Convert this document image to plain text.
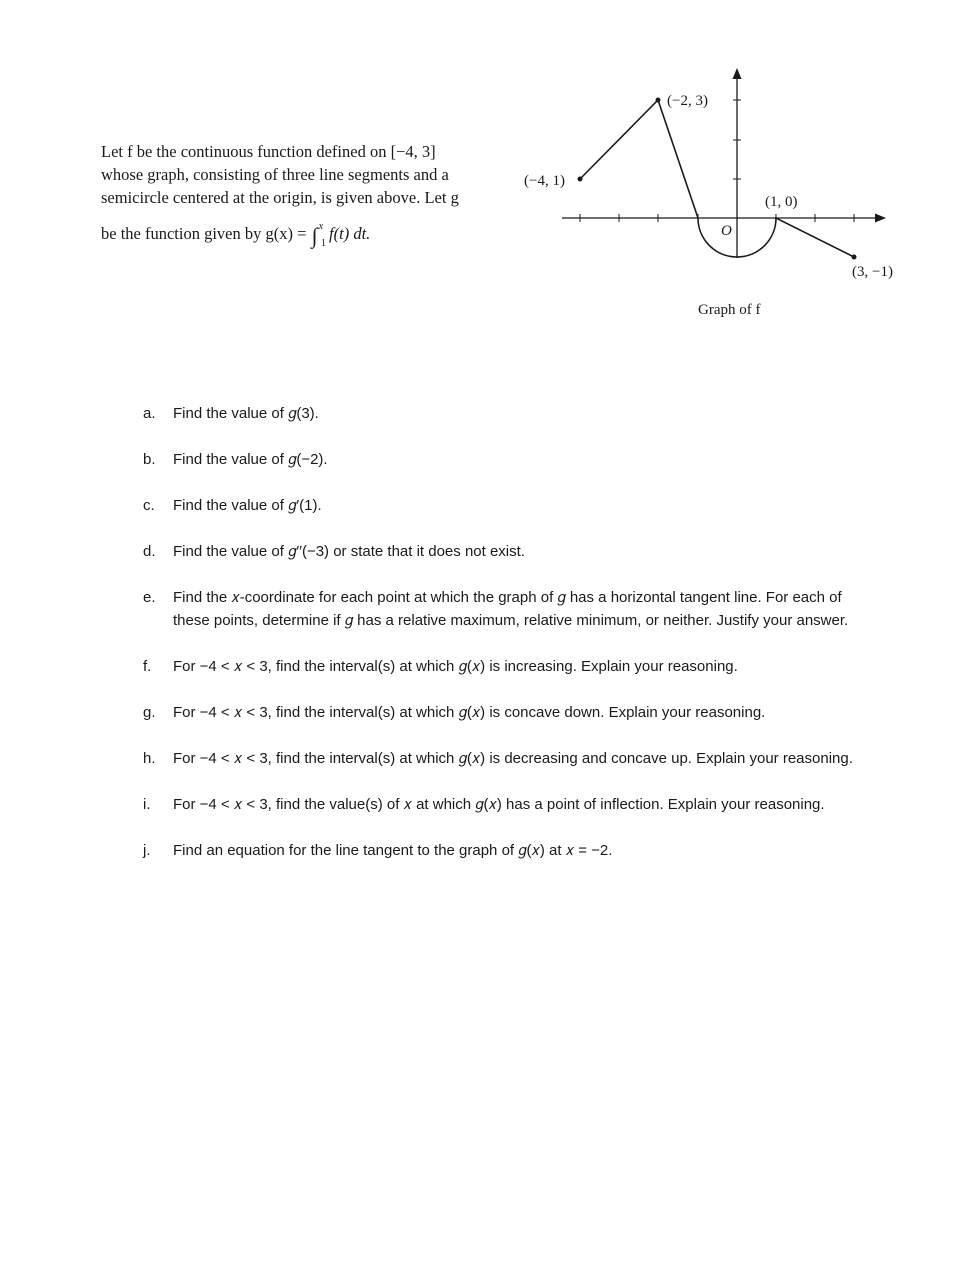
Let f be the continuous function defined on [−4, 3]
whose graph, consisting of three line segments and a
semicircle centered at the origin, is given above. Let g
be the function given by g(x) = ∫$^x_1$f(t) dt.
(−4, 1)
(−2, 3)
(1, 0)
(3, −1)
O
Graph of f
a.	Find the value of 𝑔(3).
b.	Find the value of 𝑔(−2).
c.	Find the value of 𝑔′(1).
d.	Find the value of 𝑔′′(−3) or state that it does not exist.
e.	Find the 𝑥-coordinate for each point at which the graph of 𝑔 has a horizontal tangent line. For each of these points, determine if 𝑔 has a relative maximum, relative minimum, or neither. Justify your answer.
f.	For −4 < 𝑥 < 3, find the interval(s) at which 𝑔(𝑥) is increasing. Explain your reasoning.
g.	For −4 < 𝑥 < 3, find the interval(s) at which 𝑔(𝑥) is concave down. Explain your reasoning.
h.	For −4 < 𝑥 < 3, find the interval(s) at which 𝑔(𝑥) is decreasing and concave up. Explain your reasoning.
i.	For −4 < 𝑥 < 3, find the value(s) of 𝑥 at which 𝑔(𝑥) has a point of inflection. Explain your reasoning.
j.	Find an equation for the line tangent to the graph of 𝑔(𝑥) at 𝑥 = −2.
